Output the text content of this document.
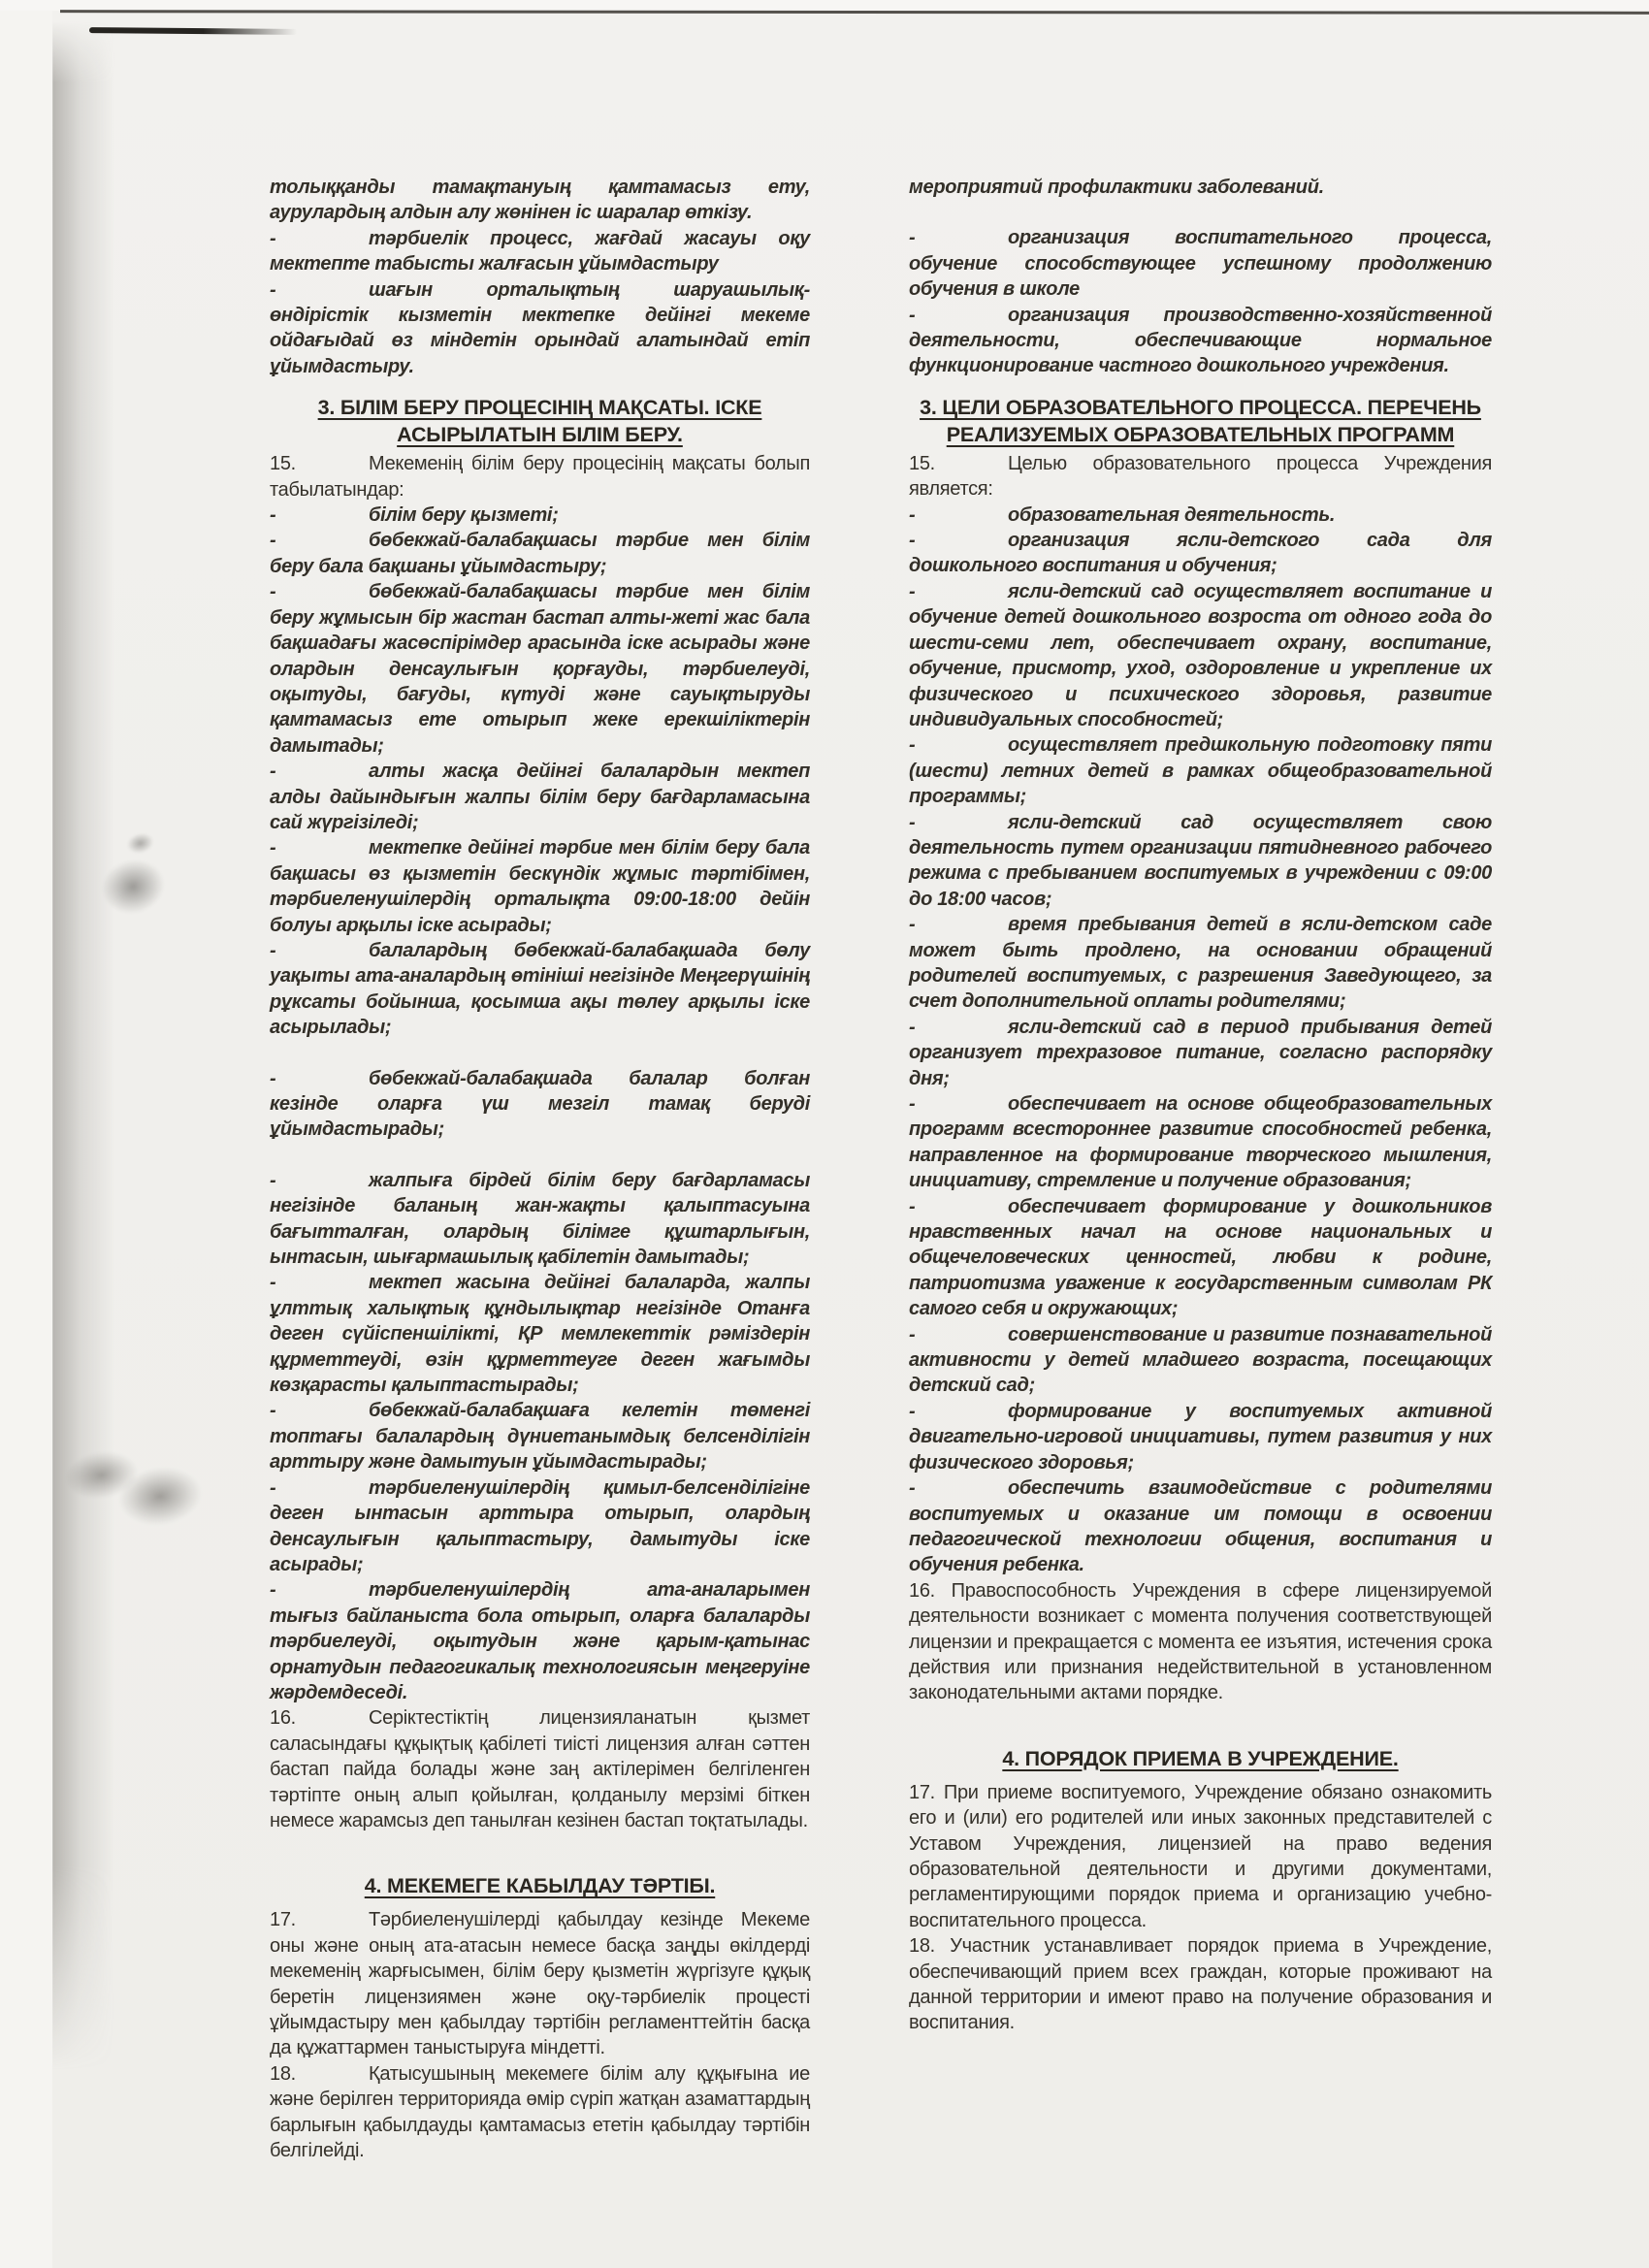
толыққанды тамақтануың қамтамасыз ету, аурулардың алдын алу жөнінен іс шаралар өткізу.

-	тәрбиелік процесс, жағдай жасауы оқу мектепте табысты жалғасын ұйымдастыру

-	шағын орталықтың шаруашылық-өндірістік кызметін мектепке дейінгі мекеме ойдағыдай өз міндетін орындай алатындай етіп ұйымдастыру.

3. БІЛІМ БЕРУ ПРОЦЕСІНІҢ МАҚСАТЫ. ІСКЕ АСЫРЫЛАТЫН БІЛІМ БЕРУ.

15.	Мекеменің білім беру процесінің мақсаты болып табылатындар:

-	білім беру қызметі;

-	бөбекжай-балабақшасы тәрбие мен білім беру бала бақшаны ұйымдастыру;

-	бөбекжай-балабақшасы тәрбие мен білім беру жұмысын бір жастан бастап алты-жеті жас бала бақшадағы жасөспірімдер арасында іске асырады және олардын денсаулығын қорғауды, тәрбиелеуді, оқытуды, бағуды, күтуді және сауықтыруды қамтамасыз ете отырып жеке ерекшіліктерін дамытады;

-	алты жасқа дейінгі балалардын мектеп алды дайындығын жалпы білім беру бағдарламасына сай жүргізіледі;

-	мектепке дейінгі тәрбие мен білім беру бала бақшасы өз қызметін бескүндік жұмыс тәртібімен, тәрбиеленушілердің орталықта 09:00-18:00 дейін болуы арқылы іске асырады;

-	балалардың бөбекжай-балабақшада бөлу уақыты ата-аналардың өтініші негізінде Меңгерүшінің рұксаты бойынша, қосымша ақы төлеу арқылы іске асырылады;

-	бөбекжай-балабақшада балалар болған кезінде оларға үш мезгіл тамақ беруді ұйымдастырады;

-	жалпыға бірдей білім беру бағдарламасы негізінде баланың жан-жақты қалыптасуына бағытталған, олардың білімге құштарлығын, ынтасын, шығармашылық қабілетін дамытады;

-	мектеп жасына дейінгі балаларда, жалпы ұлттық халықтық құндылықтар негізінде Отанға деген сүйіспеншілікті, ҚР мемлекеттік рәміздерін құрметтеуді, өзін құрметтеуге деген жағымды көзқарасты қалыптастырады;

-	бөбекжай-балабақшаға келетін төменгі топтағы балалардың дүниетанымдық белсенділігін арттыру және дамытуын ұйымдастырады;

-	тәрбиеленушілердің қимыл-белсенділігіне деген ынтасын арттыра отырып, олардың денсаулығын қалыптастыру, дамытуды іске асырады;

-	тәрбиеленушілердің ата-аналарымен тығыз байланыста бола отырып, оларға балаларды тәрбиелеуді, оқытудын және қарым-қатынас орнатудын педагогикалық технологиясын меңгеруіне жәрдемдеседі.

16.	Серіктестіктің лицензияланатын қызмет саласындағы құқықтық қабілеті тиісті лицензия алған сәттен бастап пайда болады және заң актілерімен белгіленген тәртіпте оның алып қойылған, қолданылу мерзімі біткен немесе жарамсыз деп танылған кезінен бастап тоқтатылады.

4. МЕКЕМЕГЕ КАБЫЛДАУ ТӘРТІБІ.

17.	Тәрбиеленушілерді қабылдау кезінде Мекеме оны және оның ата-атасын немесе басқа заңды өкілдерді мекеменің жарғысымен, білім беру қызметін жүргізуге құқық беретін лицензиямен және оқу-тәрбиелік процесті ұйымдастыру мен қабылдау тәртібін регламенттейтін басқа да құжаттармен таныстыруға міндетті.

18.	Қатысушының мекемеге білім алу құқығына ие және берілген территорияда өмір сүріп жатқан азаматтардың барлығын қабылдауды қамтамасыз ететін қабылдау тәртібін белгілейді.

мероприятий профилактики заболеваний.

-	организация воспитательного процесса, обучение способствующее успешному продолжению обучения в школе

-	организация производственно-хозяйственной деятельности, обеспечивающие нормальное функционирование частного дошкольного учреждения.

3. ЦЕЛИ ОБРАЗОВАТЕЛЬНОГО ПРОЦЕССА. ПЕРЕЧЕНЬ РЕАЛИЗУЕМЫХ ОБРАЗОВАТЕЛЬНЫХ ПРОГРАММ

15.	Целью образовательного процесса Учреждения является:

-	образовательная деятельность.

-	организация ясли-детского сада для дошкольного воспитания и обучения;

-	ясли-детский сад осуществляет воспитание и обучение детей дошкольного возроста от одного года до шести-семи лет, обеспечивает охрану, воспитание, обучение, присмотр, уход, оздоровление и укрепление их физического и психического здоровья, развитие индивидуальных способностей;

-	осуществляет предшкольную подготовку пяти (шести) летних детей в рамках общеобразовательной программы;

-	ясли-детский сад осуществляет свою деятельность путем организации пятидневного рабочего режима с пребыванием воспитуемых в учреждении с 09:00 до 18:00 часов;

-	время пребывания детей в ясли-детском саде может быть продлено, на основании обращений родителей воспитуемых, с разрешения Заведующего, за счет дополнительной оплаты родителями;

-	ясли-детский сад в период прибывания детей организует трехразовое питание, согласно распорядку дня;

-	обеспечивает на основе общеобразовательных программ всестороннее развитие способностей ребенка, направленное на формирование творческого мышления, инициативу, стремление и получение образования;

-	обеспечивает формирование у дошкольников нравственных начал на основе национальных и общечеловеческих ценностей, любви к родине, патриотизма уважение к государственным символам РК самого себя и окружающих;

-	совершенствование и развитие познавательной активности у детей младшего возраста, посещающих детский сад;

-	формирование у воспитуемых активной двигательно-игровой инициативы, путем развития у них физического здоровья;

-	обеспечить взаимодействие с родителями воспитуемых и оказание им помощи в освоении педагогической технологии общения, воспитания и обучения ребенка.

16. Правоспособность Учреждения в сфере лицензируемой деятельности возникает с момента получения соответствующей лицензии и прекращается с момента ее изъятия, истечения срока действия или признания недействительной в установленном законодательными актами порядке.

4. ПОРЯДОК ПРИЕМА В УЧРЕЖДЕНИЕ.

17. При приеме воспитуемого, Учреждение обязано ознакомить его и (или) его родителей или иных законных представителей с Уставом Учреждения, лицензией на право ведения образовательной деятельности и другими документами, регламентирующими порядок приема и организацию учебно-воспитательного процесса.

18. Участник устанавливает порядок приема в Учреждение, обеспечивающий прием всех граждан, которые проживают на данной территории и имеют право на получение образования и воспитания.
